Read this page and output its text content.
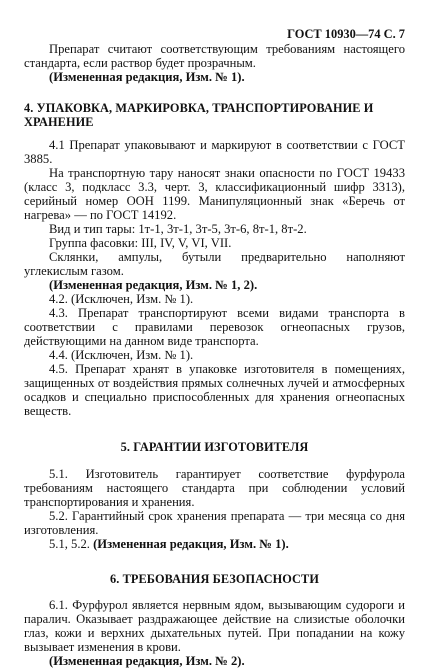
ГОСТ 10930—74 С. 7

Препарат считают соответствующим требованиям настоящего стандарта, если раствор будет прозрачным.

(Измененная редакция, Изм. № 1).

4. УПАКОВКА, МАРКИРОВКА, ТРАНСПОРТИРОВАНИЕ И ХРАНЕНИЕ

4.1 Препарат упаковывают и маркируют в соответствии с ГОСТ 3885.

На транспортную тару наносят знаки опасности по ГОСТ 19433 (класс 3, подкласс 3.3, черт. 3, классификационный шифр 3313), серийный номер ООН 1199. Манипуляционный знак «Беречь от нагрева» — по ГОСТ 14192.

Вид и тип тары: 1т-1, 3т-1, 3т-5, 3т-6, 8т-1, 8т-2.

Группа фасовки: III, IV, V, VI, VII.

Склянки, ампулы, бутыли предварительно наполняют углекислым газом.

(Измененная редакция, Изм. № 1, 2).

4.2. (Исключен, Изм. № 1).

4.3. Препарат транспортируют всеми видами транспорта в соответствии с правилами перевозок огнеопасных грузов, действующими на данном виде транспорта.

4.4. (Исключен, Изм. № 1).

4.5. Препарат хранят в упаковке изготовителя в помещениях, защищенных от воздействия прямых солнечных лучей и атмосферных осадков и специально приспособленных для хранения огнеопасных веществ.

5. ГАРАНТИИ ИЗГОТОВИТЕЛЯ

5.1. Изготовитель гарантирует соответствие фурфурола требованиям настоящего стандарта при соблюдении условий транспортирования и хранения.

5.2. Гарантийный срок хранения препарата — три месяца со дня изготовления.

5.1, 5.2. (Измененная редакция, Изм. № 1).

6. ТРЕБОВАНИЯ БЕЗОПАСНОСТИ

6.1. Фурфурол является нервным ядом, вызывающим судороги и паралич. Оказывает раздражающее действие на слизистые оболочки глаз, кожи и верхних дыхательных путей. При попадании на кожу вызывает изменения в крови.

(Измененная редакция, Изм. № 2).
